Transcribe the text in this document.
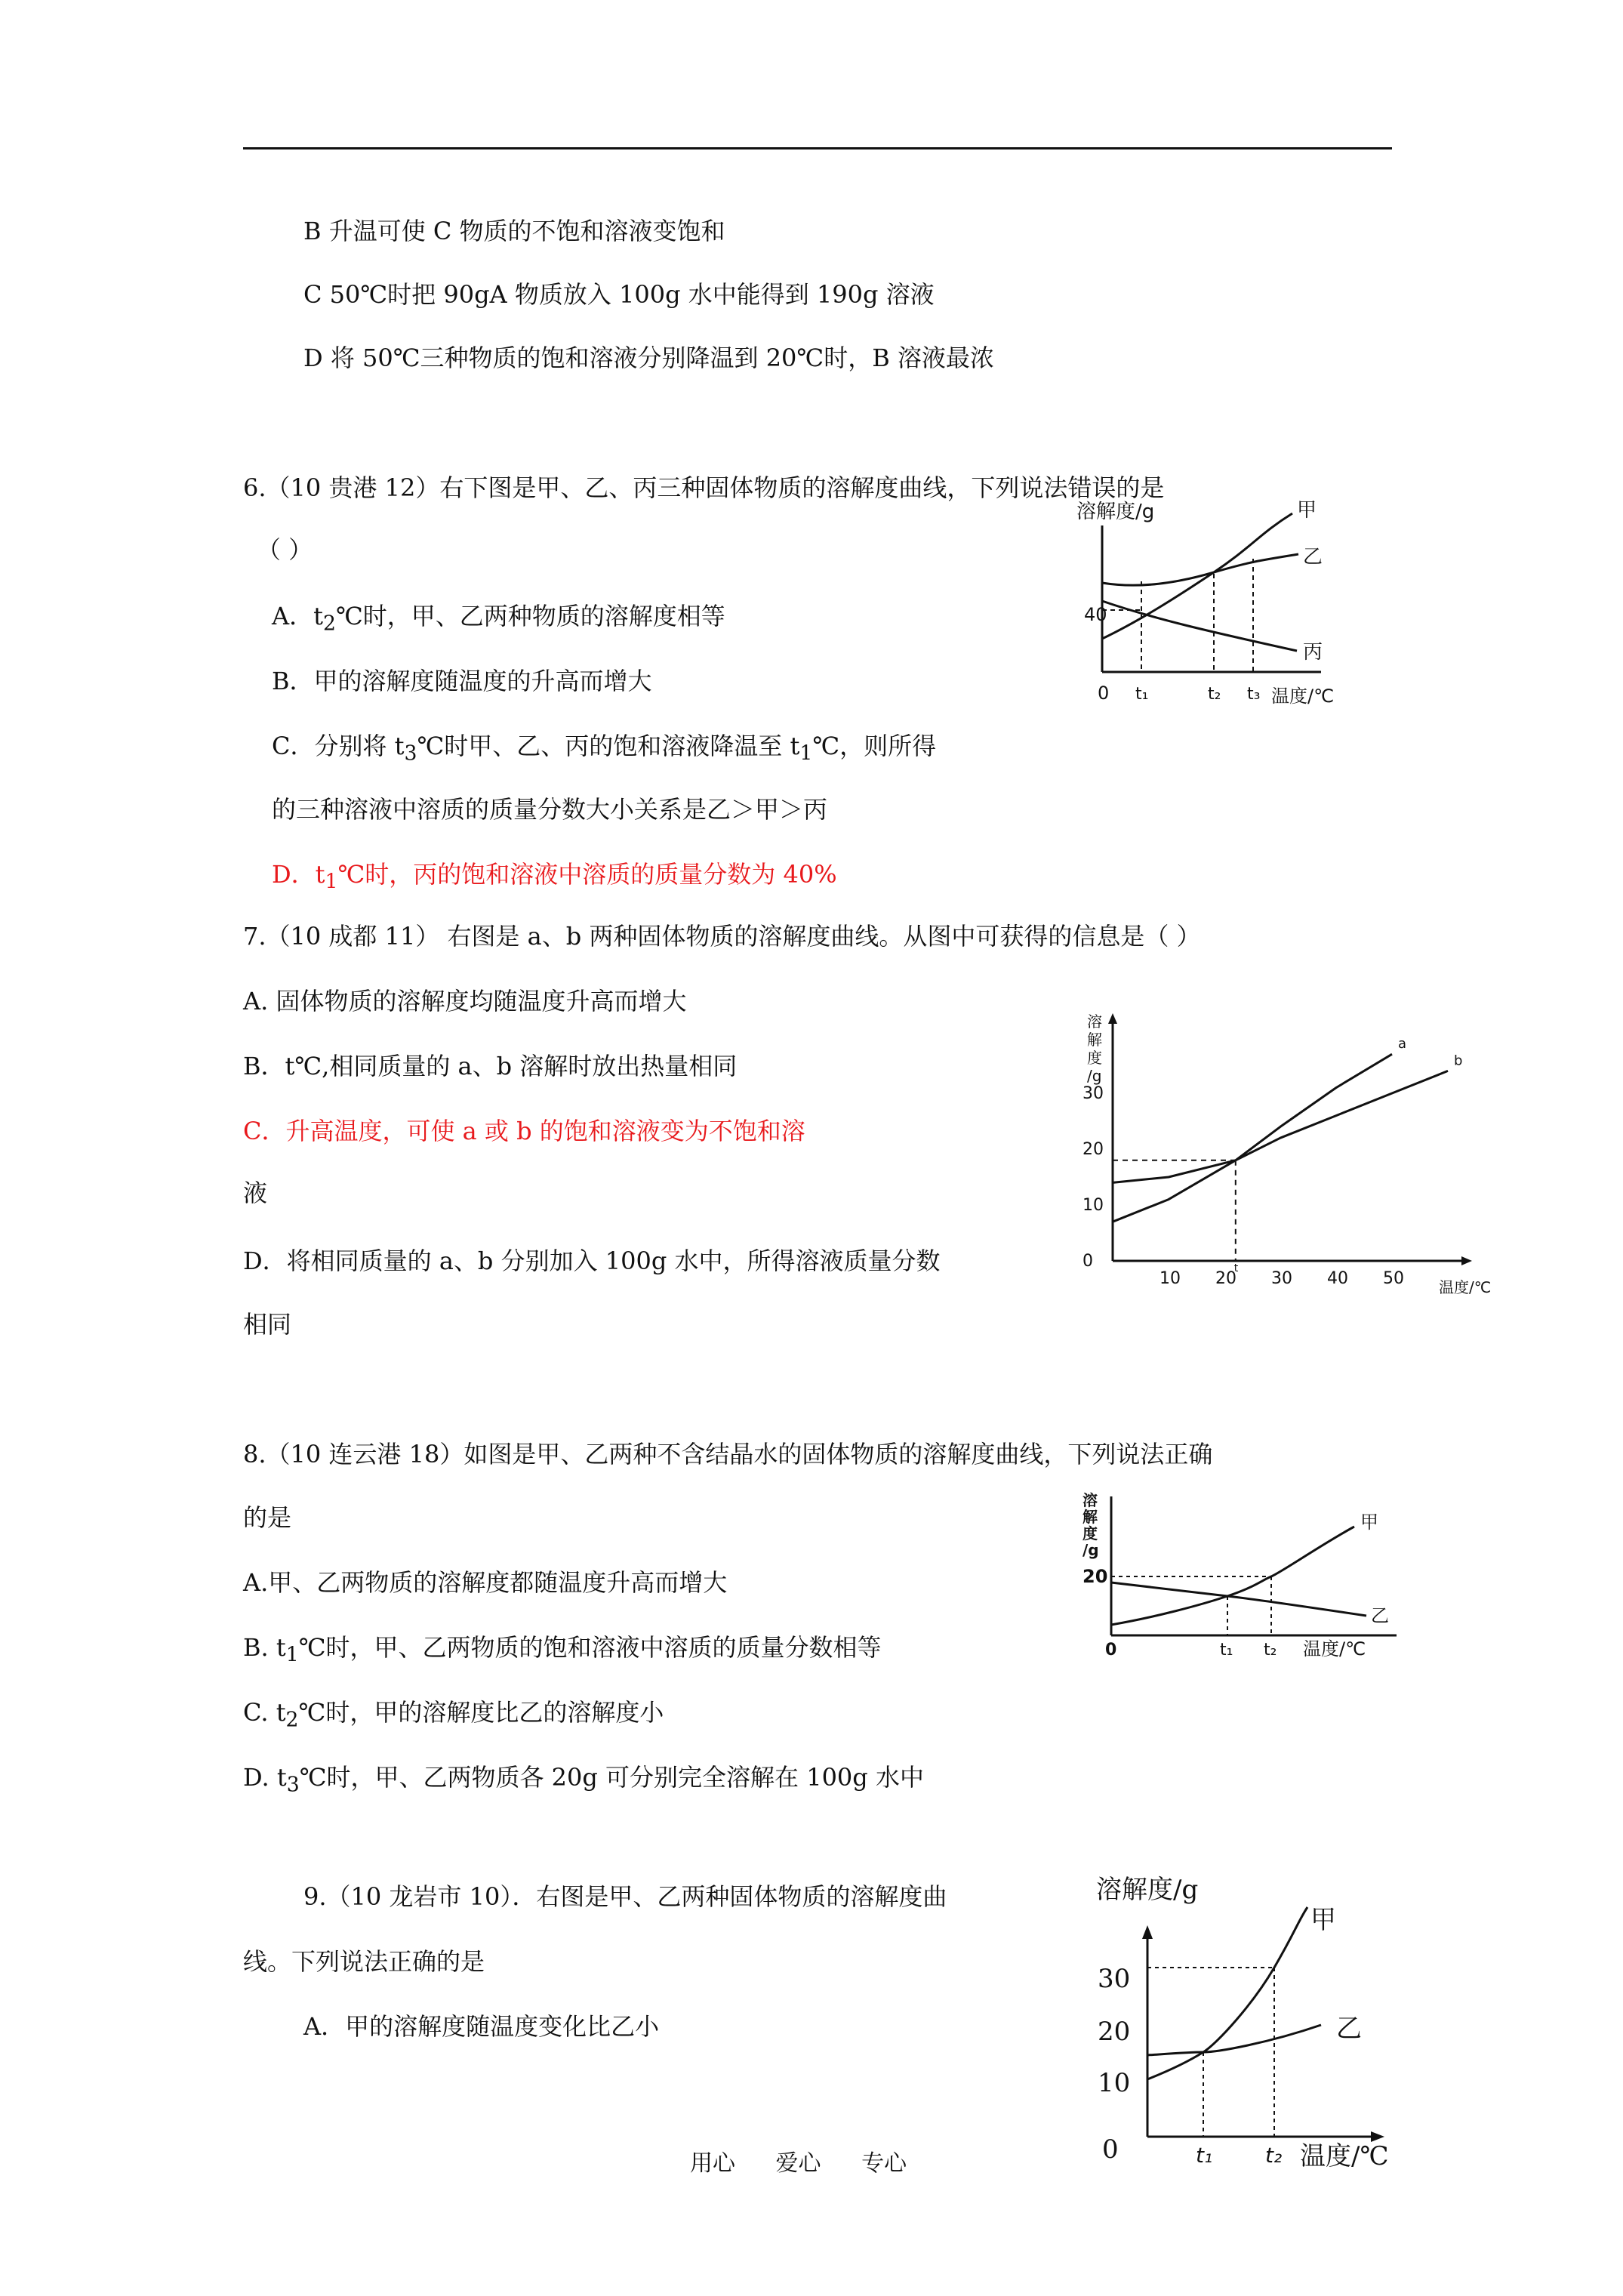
B 升温可使 C 物质的不饱和溶液变饱和
C 50℃时把 90gA 物质放入 100g 水中能得到 190g 溶液
D 将 50℃三种物质的饱和溶液分别降温到 20℃时，B 溶液最浓
6.（10 贵港 12）右下图是甲、乙、丙三种固体物质的溶解度曲线，下列说法错误的是
（ ）
A．$t_2℃$时，甲、乙两种物质的溶解度相等
B．甲的溶解度随温度的升高而增大
C．分别将 $t_3℃$时甲、乙、丙的饱和溶液降温至 $t_1℃$，则所得
的三种溶液中溶质的质量分数大小关系是乙＞甲＞丙
D．$t_1℃$时，丙的饱和溶液中溶质的质量分数为 40%
溶解度/g
40
甲
乙
丙
0 t₁	t₂ t₃ 温度/℃
7.（10 成都 11） 右图是 a、b 两种固体物质的溶解度曲线。从图中可获得的信息是（ ）
A. 固体物质的溶解度均随温度升高而增大
B．t℃,相同质量的 a、b 溶解时放出热量相同
C．升高温度，可使 a 或 b 的饱和溶液变为不饱和溶
液
D．将相同质量的 a、b 分别加入 100g 水中，所得溶液质量分数
相同
溶
解
度
/g
0
10
20
30
10 20
t
30 40 50
a
b
温度/℃
8.（10 连云港 18）如图是甲、乙两种不含结晶水的固体物质的溶解度曲线，下列说法正确
的是
A.甲、乙两物质的溶解度都随温度升高而增大
B. $t_1℃$时，甲、乙两物质的饱和溶液中溶质的质量分数相等
C. $t_2℃$时，甲的溶解度比乙的溶解度小
D. $t_3℃$时，甲、乙两物质各 20g 可分别完全溶解在 100g 水中
溶
解
度
/g
20
甲
乙
0	t₁ t₂ 温度/℃
9.（10 龙岩市 10）．右图是甲、乙两种固体物质的溶解度曲
线。下列说法正确的是
A．甲的溶解度随温度变化比乙小
溶解度/g
30
20
10
0
甲
乙
t₁ t₂ 温度/℃
用心 爱心 专心
